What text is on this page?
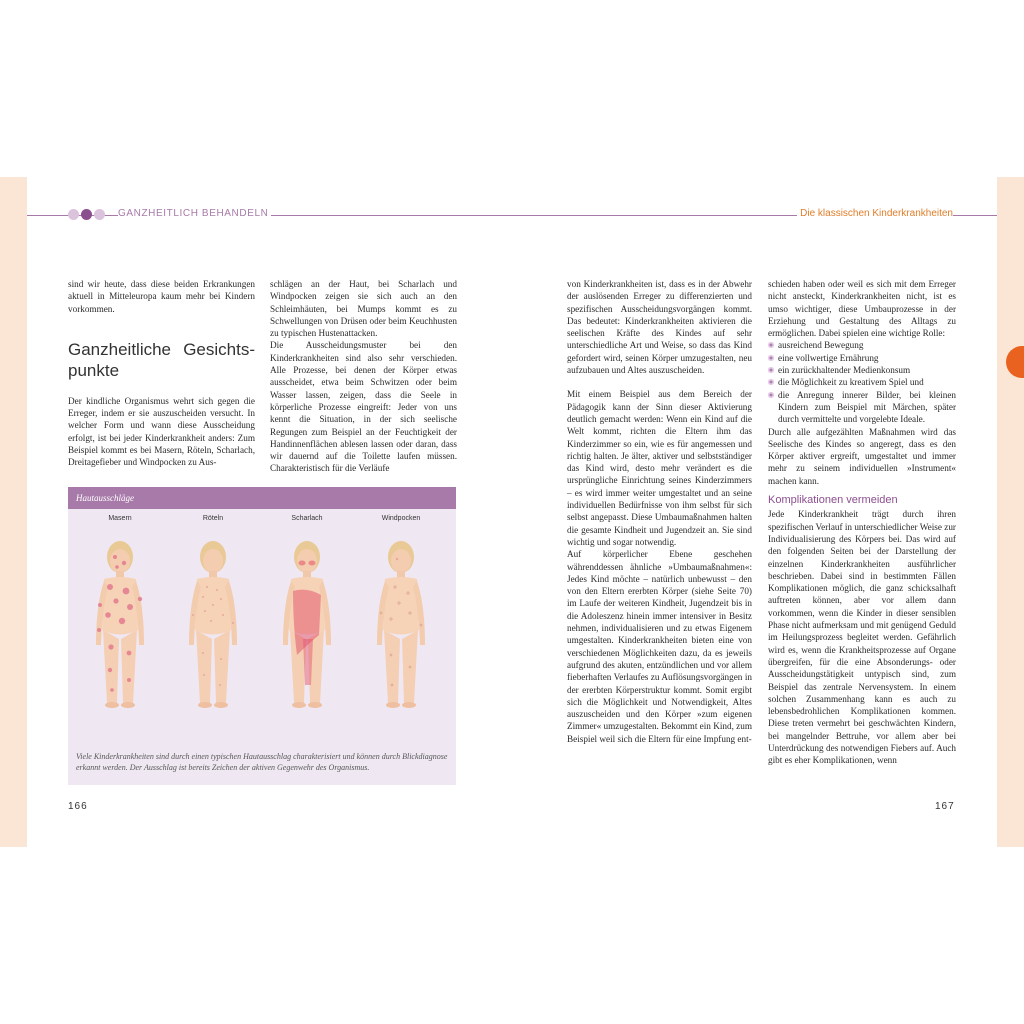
GANZHEITLICH BEHANDELN	Die klassischen Kinderkrankheiten

sind wir heute, dass diese beiden Erkrankungen aktuell in Mitteleuropa kaum mehr bei Kindern vorkommen.

Ganzheitliche Gesichts-punkte

Der kindliche Organismus wehrt sich gegen die Erreger, indem er sie auszuscheiden versucht. In welcher Form und wann diese Ausscheidung erfolgt, ist bei jeder Kinderkrankheit anders: Zum Beispiel kommt es bei Masern, Röteln, Scharlach, Dreitagefieber und Windpocken zu Aus-

schlägen an der Haut, bei Scharlach und Windpocken zeigen sie sich auch an den Schleimhäuten, bei Mumps kommt es zu Schwellungen von Drüsen oder beim Keuchhusten zu typischen Hustenattacken.

Die Ausscheidungsmuster bei den Kinderkrankheiten sind also sehr verschieden. Alle Prozesse, bei denen der Körper etwas ausscheidet, etwa beim Schwitzen oder beim Wasser lassen, zeigen, dass die Seele in körperliche Prozesse eingreift: Jeder von uns kennt die Situation, in der sich seelische Regungen zum Beispiel an der Feuchtigkeit der Handinnenflächen ablesen lassen oder daran, dass wir dauernd auf die Toilette laufen müssen. Charakteristisch für die Verläufe

Hautausschläge
Masern	Röteln	Scharlach	Windpocken
Viele Kinderkrankheiten sind durch einen typischen Hautausschlag charakterisiert und können durch Blickdiagnose erkannt werden. Der Ausschlag ist bereits Zeichen der aktiven Gegenwehr des Organismus.
166

von Kinderkrankheiten ist, dass es in der Abwehr der auslösenden Erreger zu differenzierten und spezifischen Ausscheidungsvorgängen kommt. Das bedeutet: Kinderkrankheiten aktivieren die seelischen Kräfte des Kindes auf sehr unterschiedliche Art und Weise, so dass das Kind gefordert wird, seinen Körper umzugestalten, neu aufzubauen und Altes auszuscheiden.

Mit einem Beispiel aus dem Bereich der Pädagogik kann der Sinn dieser Aktivierung deutlich gemacht werden: Wenn ein Kind auf die Welt kommt, richten die Eltern ihm das Kinderzimmer so ein, wie es für angemessen und richtig halten. Je älter, aktiver und selbstständiger das Kind wird, desto mehr verändert es die ursprüngliche Einrichtung seines Kinderzimmers – es wird immer weiter umgestaltet und an seine individuellen Bedürfnisse von ihm selbst für sich selbst angepasst. Diese Umbaumaßnahmen halten die gesamte Kindheit und Jugendzeit an. Sie sind wichtig und sogar notwendig.

Auf körperlicher Ebene geschehen währenddessen ähnliche »Umbaumaßnahmen«: Jedes Kind möchte – natürlich unbewusst – den von den Eltern ererbten Körper (siehe Seite 70) im Laufe der weiteren Kindheit, Jugendzeit bis in die Adoleszenz hinein immer intensiver in Besitz nehmen, individualisieren und zu etwas Eigenem umgestalten. Kinderkrankheiten bieten eine von verschiedenen Möglichkeiten dazu, da es jeweils aufgrund des akuten, entzündlichen und vor allem fieberhaften Verlaufes zu Auflösungsvorgängen in der ererbten Körperstruktur kommt. Somit ergibt sich die Möglichkeit und Notwendigkeit, Altes auszuscheiden und den Körper »zum eigenen Zimmer« umzugestalten. Bekommt ein Kind, zum Beispiel weil sich die Eltern für eine Impfung ent-

schieden haben oder weil es sich mit dem Erreger nicht ansteckt, Kinderkrankheiten nicht, ist es umso wichtiger, diese Umbauprozesse in der Erziehung und Gestaltung des Alltags zu ermöglichen. Dabei spielen eine wichtige Rolle:

ausreichend Bewegung
eine vollwertige Ernährung
ein zurückhaltender Medienkonsum
die Möglichkeit zu kreativem Spiel und
die Anregung innerer Bilder, bei kleinen Kindern zum Beispiel mit Märchen, später durch vermittelte und vorgelebte Ideale.

Durch alle aufgezählten Maßnahmen wird das Seelische des Kindes so angeregt, dass es den Körper aktiver ergreift, umgestaltet und immer mehr zu seinem individuellen »Instrument« machen kann.

Komplikationen vermeiden

Jede Kinderkrankheit trägt durch ihren spezifischen Verlauf in unterschiedlicher Weise zur Individualisierung des Körpers bei. Das wird auf den folgenden Seiten bei der Darstellung der einzelnen Kinderkrankheiten ausführlicher beschrieben. Dabei sind in bestimmten Fällen Komplikationen möglich, die ganz schicksalhaft auftreten können, aber vor allem dann vorkommen, wenn die Kinder in dieser sensiblen Phase nicht aufmerksam und mit genügend Geduld im Heilungsprozess begleitet werden. Gefährlich wird es, wenn die Krankheitsprozesse auf Organe übergreifen, für die eine Absonderungs- oder Ausscheidungstätigkeit untypisch sind, zum Beispiel das zentrale Nervensystem. In einem solchen Zusammenhang kann es auch zu lebensbedrohlichen Komplikationen kommen. Diese treten vermehrt bei geschwächten Kindern, bei mangelnder Bettruhe, vor allem aber bei Unterdrückung des notwendigen Fiebers auf. Auch gibt es eher Komplikationen, wenn

167
